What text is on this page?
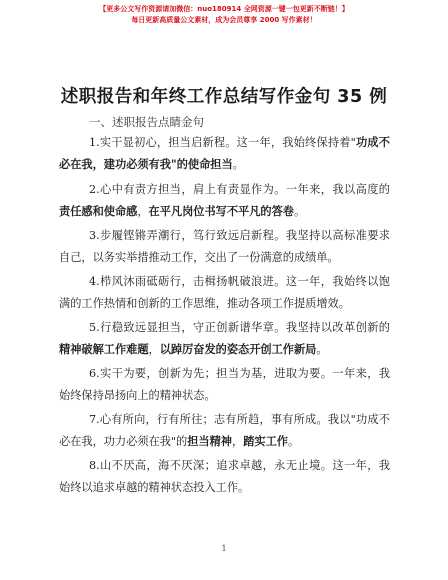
【更多公文写作资源请加微信：nuo180914 全网资源一键一包更新不断链！】
每日更新高质量公文素材，成为会员尊享 2000 写作素材！
述职报告和年终工作总结写作金句 35 例
一、述职报告点睛金句
1.实干显初心，担当启新程。这一年，我始终保持着"功成不必在我，建功必须有我"的使命担当。
2.心中有责方担当，肩上有责显作为。一年来，我以高度的责任感和使命感，在平凡岗位书写不平凡的答卷。
3.步履铿锵弄潮行，笃行致远启新程。我坚持以高标准要求自己，以务实举措推动工作，交出了一份满意的成绩单。
4.栉风沐雨砥砺行，击楫扬帆破浪进。这一年，我始终以饱满的工作热情和创新的工作思维，推动各项工作提质增效。
5.行稳致远显担当，守正创新谱华章。我坚持以改革创新的精神破解工作难题，以踔厉奋发的姿态开创工作新局。
6.实干为要，创新为先；担当为基，进取为要。一年来，我始终保持昂扬向上的精神状态。
7.心有所向，行有所往；志有所趋，事有所成。我以"功成不必在我，功力必须在我"的担当精神，踏实工作。
8.山不厌高，海不厌深；追求卓越，永无止境。这一年，我始终以追求卓越的精神状态投入工作。
1
